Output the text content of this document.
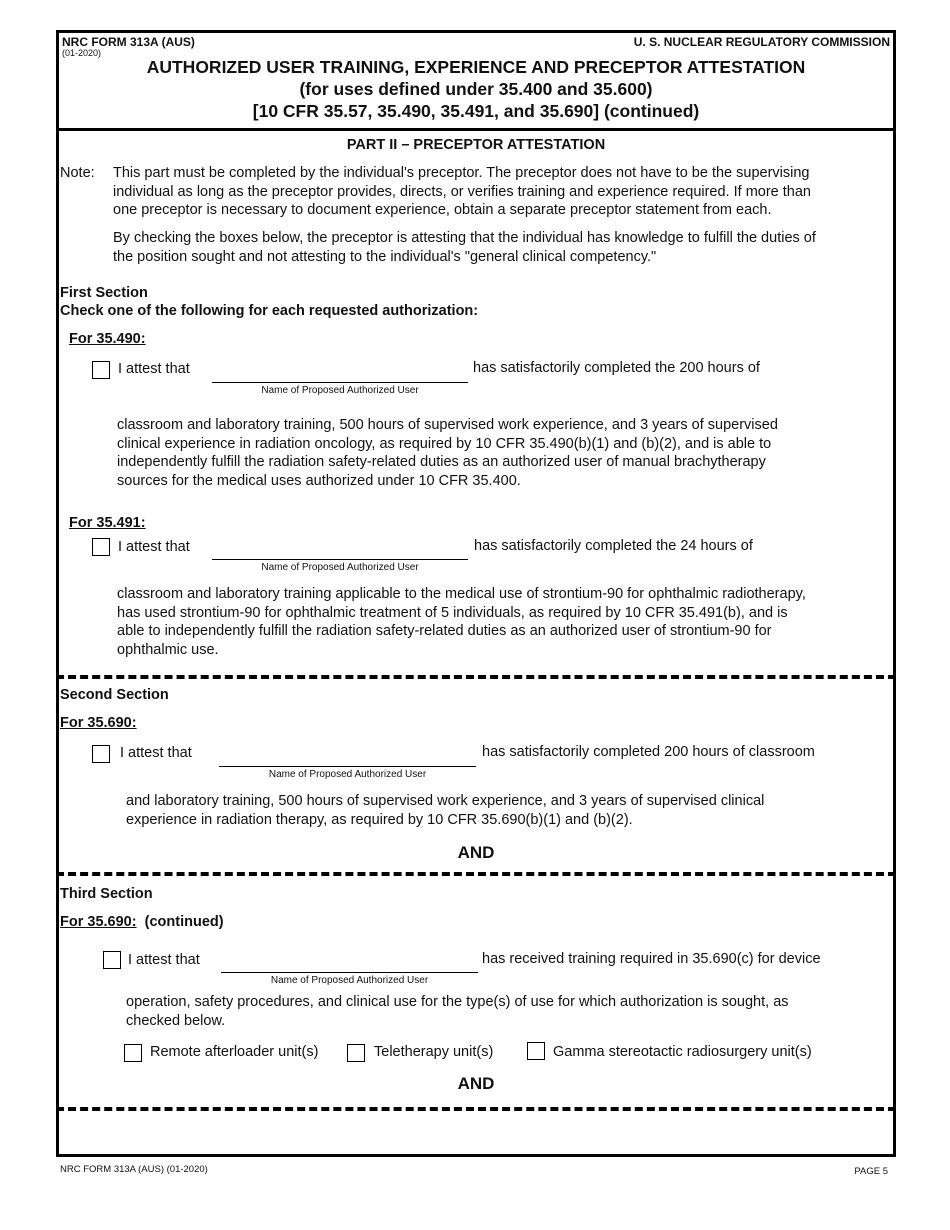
NRC FORM 313A (AUS)
(01-2020)
U. S. NUCLEAR REGULATORY COMMISSION
AUTHORIZED USER TRAINING, EXPERIENCE AND PRECEPTOR ATTESTATION
(for uses defined under 35.400 and 35.600)
[10 CFR 35.57, 35.490, 35.491, and 35.690] (continued)
PART II – PRECEPTOR ATTESTATION
Note: This part must be completed by the individual's preceptor. The preceptor does not have to be the supervising
individual as long as the preceptor provides, directs, or verifies training and experience required. If more than
one preceptor is necessary to document experience, obtain a separate preceptor statement from each.
By checking the boxes below, the preceptor is attesting that the individual has knowledge to fulfill the duties of
the position sought and not attesting to the individual's "general clinical competency."
First Section
Check one of the following for each requested authorization:
For 35.490:
I attest that
Name of Proposed Authorized User
has satisfactorily completed the 200 hours of
classroom and laboratory training, 500 hours of supervised work experience, and 3 years of supervised
clinical experience in radiation oncology, as required by 10 CFR 35.490(b)(1) and (b)(2), and is able to
independently fulfill the radiation safety-related duties as an authorized user of manual brachytherapy
sources for the medical uses authorized under 10 CFR 35.400.
For 35.491:
I attest that
Name of Proposed Authorized User
has satisfactorily completed the 24 hours of
classroom and laboratory training applicable to the medical use of strontium-90 for ophthalmic radiotherapy,
has used strontium-90 for ophthalmic treatment of 5 individuals, as required by 10 CFR 35.491(b), and is
able to independently fulfill the radiation safety-related duties as an authorized user of strontium-90 for
ophthalmic use.
Second Section
For 35.690:
I attest that
Name of Proposed Authorized User
has satisfactorily completed 200 hours of classroom
and laboratory training, 500 hours of supervised work experience, and 3 years of supervised clinical
experience in radiation therapy, as required by 10 CFR 35.690(b)(1) and (b)(2).
AND
Third Section
For 35.690: (continued)
I attest that
Name of Proposed Authorized User
has received training required in 35.690(c) for device
operation, safety procedures, and clinical use for the type(s) of use for which authorization is sought, as
checked below.
Remote afterloader unit(s)	Teletherapy unit(s)	Gamma stereotactic radiosurgery unit(s)
AND
NRC FORM 313A (AUS) (01-2020)	PAGE 5
